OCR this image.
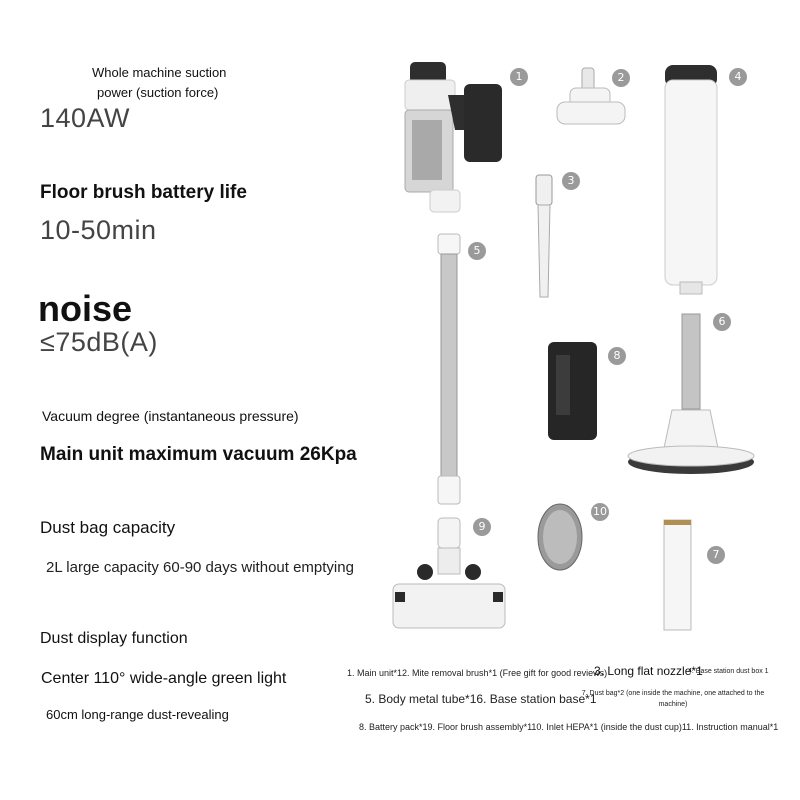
Whole machine suction
power (suction force)
140AW
Floor brush battery life
10-50min
noise
≤75dB(A)
Vacuum degree (instantaneous pressure)
Main unit maximum vacuum 26Kpa
Dust bag capacity
2L large capacity 60-90 days without emptying
Dust display function
Center 110° wide-angle green light
60cm long-range dust-revealing
1	2
3
4
5
6
8
9
10
7
1. Main unit*12. Mite removal brush*1 (Free gift for good reviews)
3. Long flat nozzle*1
4. Base station dust box 1
5. Body metal tube*16. Base station base*1
7. Dust bag*2 (one inside the machine, one attached to the machine)
8. Battery pack*19. Floor brush assembly*110. Inlet HEPA*1 (inside the dust cup)11. Instruction manual*1
